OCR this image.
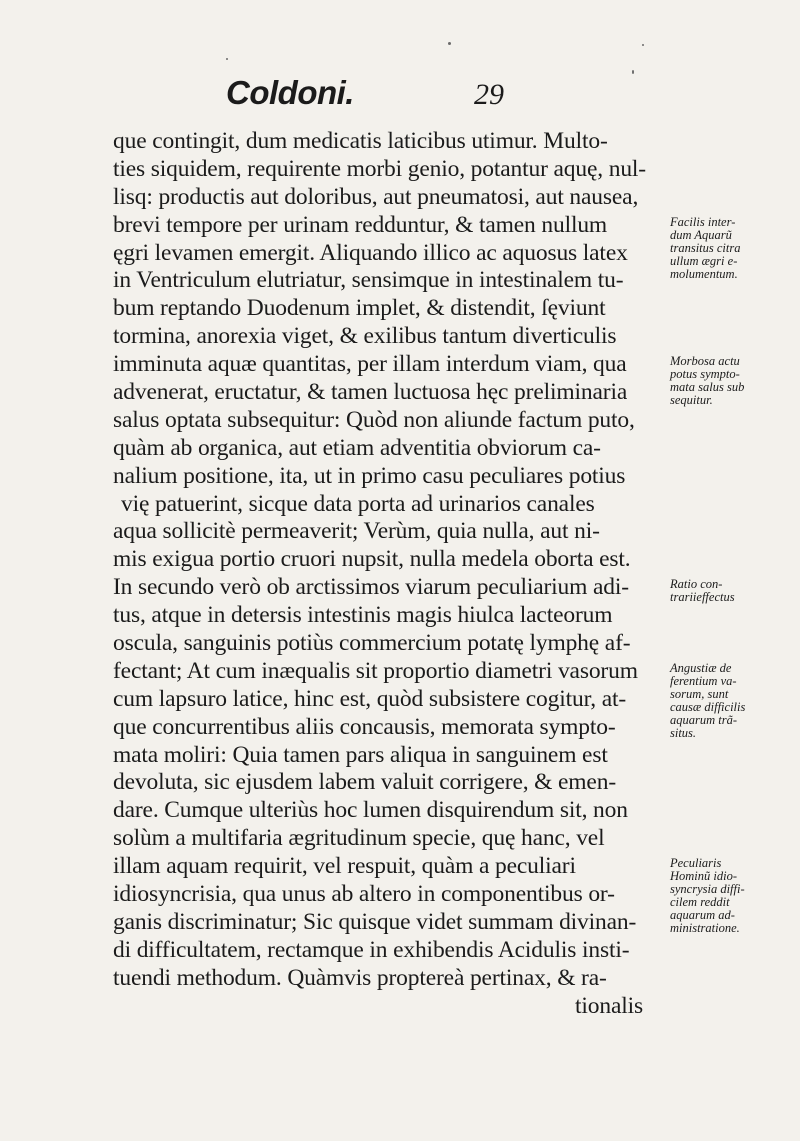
Coldoni.	29
que contingit, dum medicatis laticibus utimur. Multo-
ties siquidem, requirente morbi genio, potantur aquę, nul-
lisq: productis aut doloribus, aut pneumatosi, aut nausea,
brevi tempore per urinam redduntur, & tamen nullum
ęgri levamen emergit. Aliquando illico ac aquosus latex
in Ventriculum elutriatur, sensimque in intestinalem tu-
bum reptando Duodenum implet, & distendit, ſęviunt
tormina, anorexia viget, & exilibus tantum diverticulis
imminuta aquæ quantitas, per illam interdum viam, qua
advenerat, eructatur, & tamen luctuosa hęc preliminaria
salus optata subsequitur: Quòd non aliunde factum puto,
quàm ab organica, aut etiam adventitia obviorum ca-
nalium positione, ita, ut in primo casu peculiares potius
vię patuerint, sicque data porta ad urinarios canales
aqua sollicitè permeaverit; Verùm, quia nulla, aut ni-
mis exigua portio cruori nupsit, nulla medela oborta est.
In secundo verò ob arctissimos viarum peculiarium adi-
tus, atque in detersis intestinis magis hiulca lacteorum
oscula, sanguinis potiùs commercium potatę lymphę af-
fectant; At cum inæqualis sit proportio diametri vasorum
cum lapsuro latice, hinc est, quòd subsistere cogitur, at-
que concurrentibus aliis concausis, memorata sympto-
mata moliri: Quia tamen pars aliqua in sanguinem est
devoluta, sic ejusdem labem valuit corrigere, & emen-
dare. Cumque ulteriùs hoc lumen disquirendum sit, non
solùm a multifaria ægritudinum specie, quę hanc, vel
illam aquam requirit, vel respuit, quàm a peculiari
idiosyncrisia, qua unus ab altero in componentibus or-
ganis discriminatur; Sic quisque videt summam divinan-
di difficultatem, rectamque in exhibendis Acidulis insti-
tuendi methodum. Quàmvis proptereà pertinax, & ra-
tionalis
Facilis inter-
dum Aquarũ
transitus citra
ullum ægri e-
molumentum.
Morbosa actu
potus sympto-
mata salus sub
sequitur.
Ratio con-
trariieffectus
Angustiæ de
ferentium va-
sorum, sunt
causæ difficilis
aquarum trã-
situs.
Peculiaris
Hominũ idio-
syncrysia diffi-
cilem reddit
aquarum ad-
ministratione.
